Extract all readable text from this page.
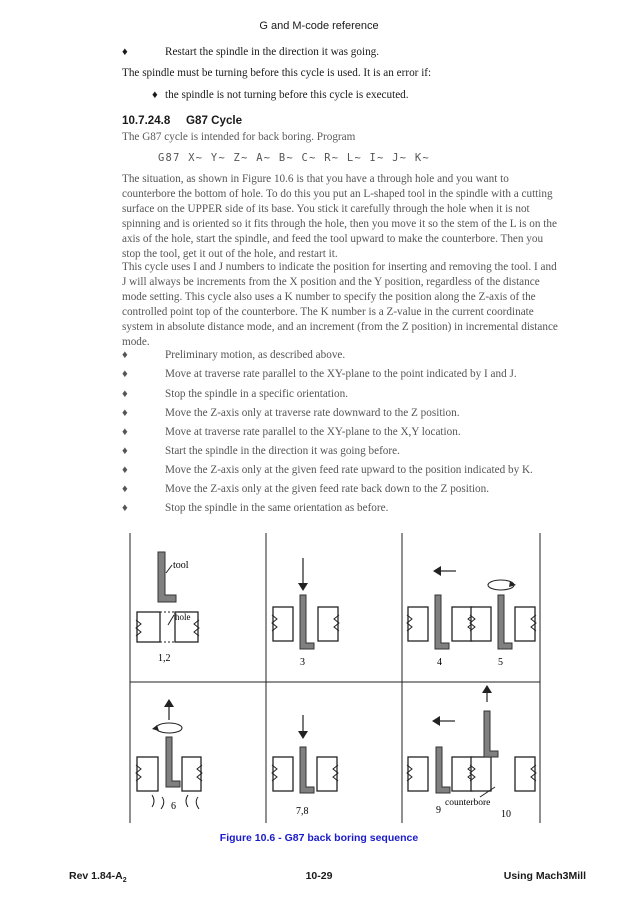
G and M-code reference
♦	Restart the spindle in the direction it was going.
The spindle must be turning before this cycle is used. It is an error if:
♦ the spindle is not turning before this cycle is executed.
10.7.24.8 G87 Cycle
The G87 cycle is intended for back boring. Program
G87 X~ Y~ Z~ A~ B~ C~ R~ L~ I~ J~ K~
The situation, as shown in Figure 10.6 is that you have a through hole and you want to counterbore the bottom of hole. To do this you put an L-shaped tool in the spindle with a cutting surface on the UPPER side of its base. You stick it carefully through the hole when it is not spinning and is oriented so it fits through the hole, then you move it so the stem of the L is on the axis of the hole, start the spindle, and feed the tool upward to make the counterbore. Then you stop the tool, get it out of the hole, and restart it.
This cycle uses I and J numbers to indicate the position for inserting and removing the tool. I and J will always be increments from the X position and the Y position, regardless of the distance mode setting. This cycle also uses a K number to specify the position along the Z-axis of the controlled point top of the counterbore. The K number is a Z-value in the current coordinate system in absolute distance mode, and an increment (from the Z position) in incremental distance mode.
♦	Preliminary motion, as described above.
♦	Move at traverse rate parallel to the XY-plane to the point indicated by I and J.
♦	Stop the spindle in a specific orientation.
♦	Move the Z-axis only at traverse rate downward to the Z position.
♦	Move at traverse rate parallel to the XY-plane to the X,Y location.
♦	Start the spindle in the direction it was going before.
♦	Move the Z-axis only at the given feed rate upward to the position indicated by K.
♦	Move the Z-axis only at the given feed rate back down to the Z position.
♦	Stop the spindle in the same orientation as before.
tool
hole
1,2	3	4	5
6	7,8	9
counterbore
10
Figure 10.6 - G87 back boring sequence
Rev $1.84-A_2$	10-29	Using Mach3Mill
